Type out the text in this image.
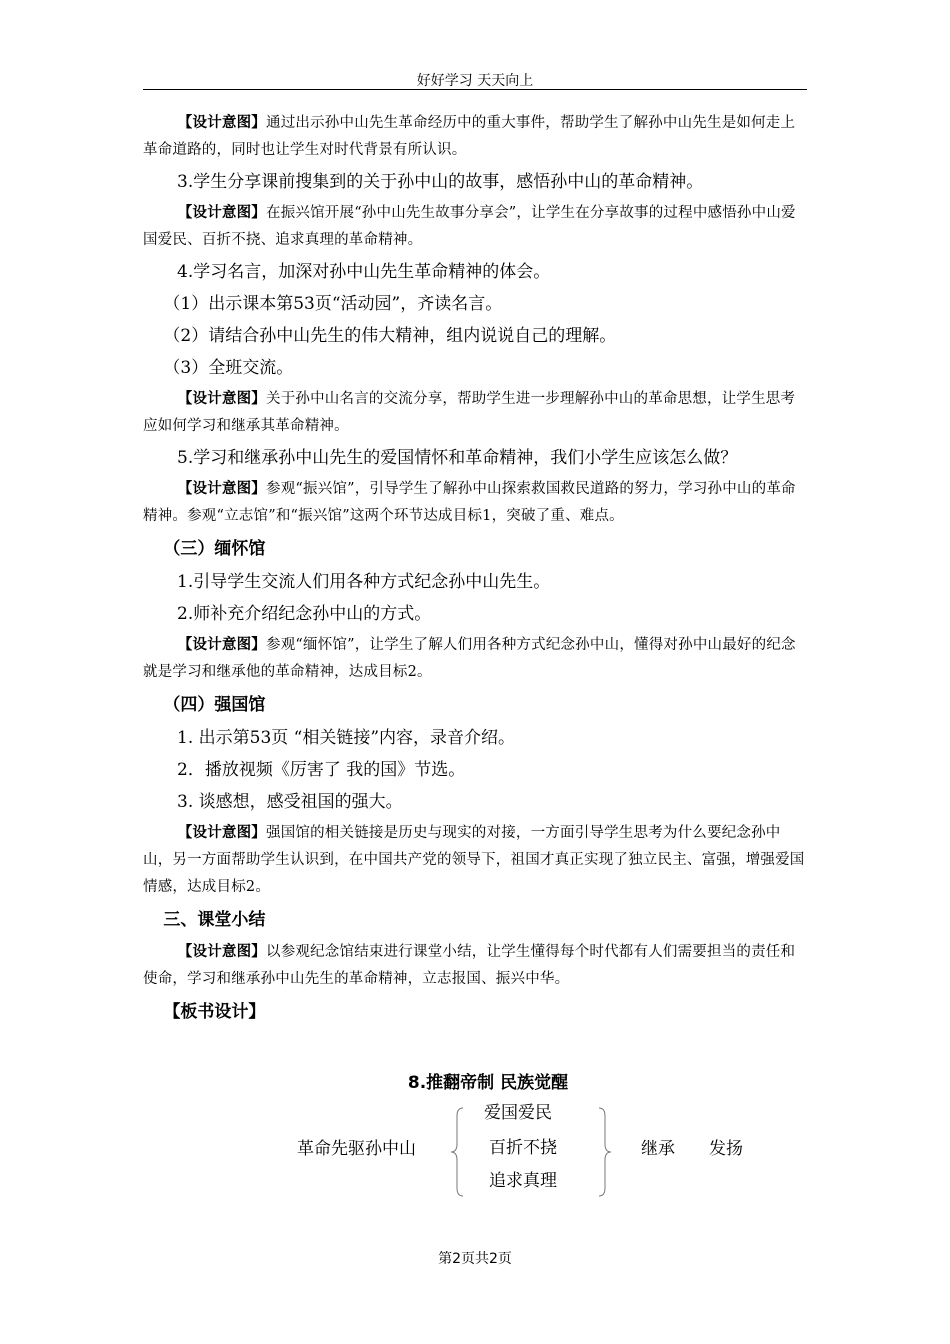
好好学习 天天向上

【设计意图】通过出示孙中山先生革命经历中的重大事件，帮助学生了解孙中山先生是如何走上革命道路的，同时也让学生对时代背景有所认识。

3.学生分享课前搜集到的关于孙中山的故事，感悟孙中山的革命精神。

【设计意图】在振兴馆开展“孙中山先生故事分享会”，让学生在分享故事的过程中感悟孙中山爱国爱民、百折不挠、追求真理的革命精神。

4.学习名言，加深对孙中山先生革命精神的体会。

（1）出示课本第53页“活动园”，齐读名言。

（2）请结合孙中山先生的伟大精神，组内说说自己的理解。

（3）全班交流。

【设计意图】关于孙中山名言的交流分享，帮助学生进一步理解孙中山的革命思想，让学生思考应如何学习和继承其革命精神。

5.学习和继承孙中山先生的爱国情怀和革命精神，我们小学生应该怎么做？

【设计意图】参观“振兴馆”，引导学生了解孙中山探索救国救民道路的努力，学习孙中山的革命精神。参观“立志馆”和“振兴馆”这两个环节达成目标1，突破了重、难点。

（三）缅怀馆

1.引导学生交流人们用各种方式纪念孙中山先生。

2.师补充介绍纪念孙中山的方式。

【设计意图】参观“缅怀馆”，让学生了解人们用各种方式纪念孙中山，懂得对孙中山最好的纪念就是学习和继承他的革命精神，达成目标2。

（四）强国馆

1. 出示第53页 “相关链接”内容，录音介绍。

2．播放视频《厉害了 我的国》节选。

3. 谈感想，感受祖国的强大。

【设计意图】强国馆的相关链接是历史与现实的对接，一方面引导学生思考为什么要纪念孙中山，另一方面帮助学生认识到，在中国共产党的领导下，祖国才真正实现了独立民主、富强，增强爱国情感，达成目标2。

三、课堂小结

【设计意图】以参观纪念馆结束进行课堂小结，让学生懂得每个时代都有人们需要担当的责任和使命，学习和继承孙中山先生的革命精神，立志报国、振兴中华。

【板书设计】

8.推翻帝制 民族觉醒
革命先驱孙中山
爱国爱民
百折不挠
追求真理
继承 发扬
第2页共2页
